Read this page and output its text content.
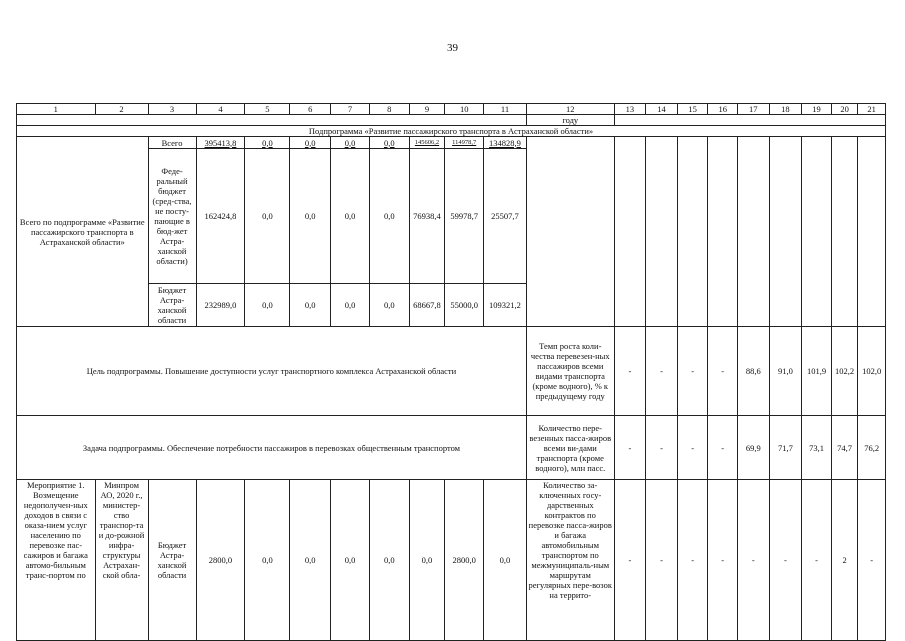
39
1	2	3	4	5	6	7	8	9	10	11	12	13	14	15	16	17	18	19	20	21
											году									
Подпрограмма «Развитие пассажирского транспорта в Астраханской области»																				
Всего по подпрограмме «Развитие пассажирского транспорта в Астраханской области»		Всего	395413,8	0,0	0,0	0,0	0,0	145606,2	114978,7	134828,9										
		Феде-ральный бюджет (сред-ства, не посту-пающие в бюд-жет Астра-ханской области)	162424,8	0,0	0,0	0,0	0,0	76938,4	59978,7	25507,7										
		Бюджет Астра-ханской области	232989,0	0,0	0,0	0,0	0,0	68667,8	55000,0	109321,2										
Цель подпрограммы. Повышение доступности услуг транспортного комплекса Астраханской области											Темп роста коли-чества перевезен-ных пассажиров всеми видами транспорта (кроме водного), % к предыдущему году	-	-	-	-	88,6	91,0	101,9	102,2	102,0
Задача подпрограммы. Обеспечение потребности пассажиров в перевозках общественным транспортом											Количество пере-везенных пасса-жиров всеми ви-дами транспорта (кроме водного), млн пасс.	-	-	-	-	69,9	71,7	73,1	74,7	76,2
Мероприятие 1. Возмещение недополучен-ных доходов в связи с оказа-нием услуг населению по перевозке пас-сажиров и багажа автомо-бильным транс-портом по	Минпром АО, 2020 г., министер-ство транспор-та и до-рожной инфра-структуры Астрахан-ской обла-	Бюджет Астра-ханской области	2800,0	0,0	0,0	0,0	0,0	0,0	2800,0	0,0	Количество за-ключенных госу-дарственных контрактов по перевозке пасса-жиров и багажа автомобильным транспортом по межмуниципаль-ным маршрутам регулярных пере-возок на террито-	-	-	-	-	-	-	-	2	-
